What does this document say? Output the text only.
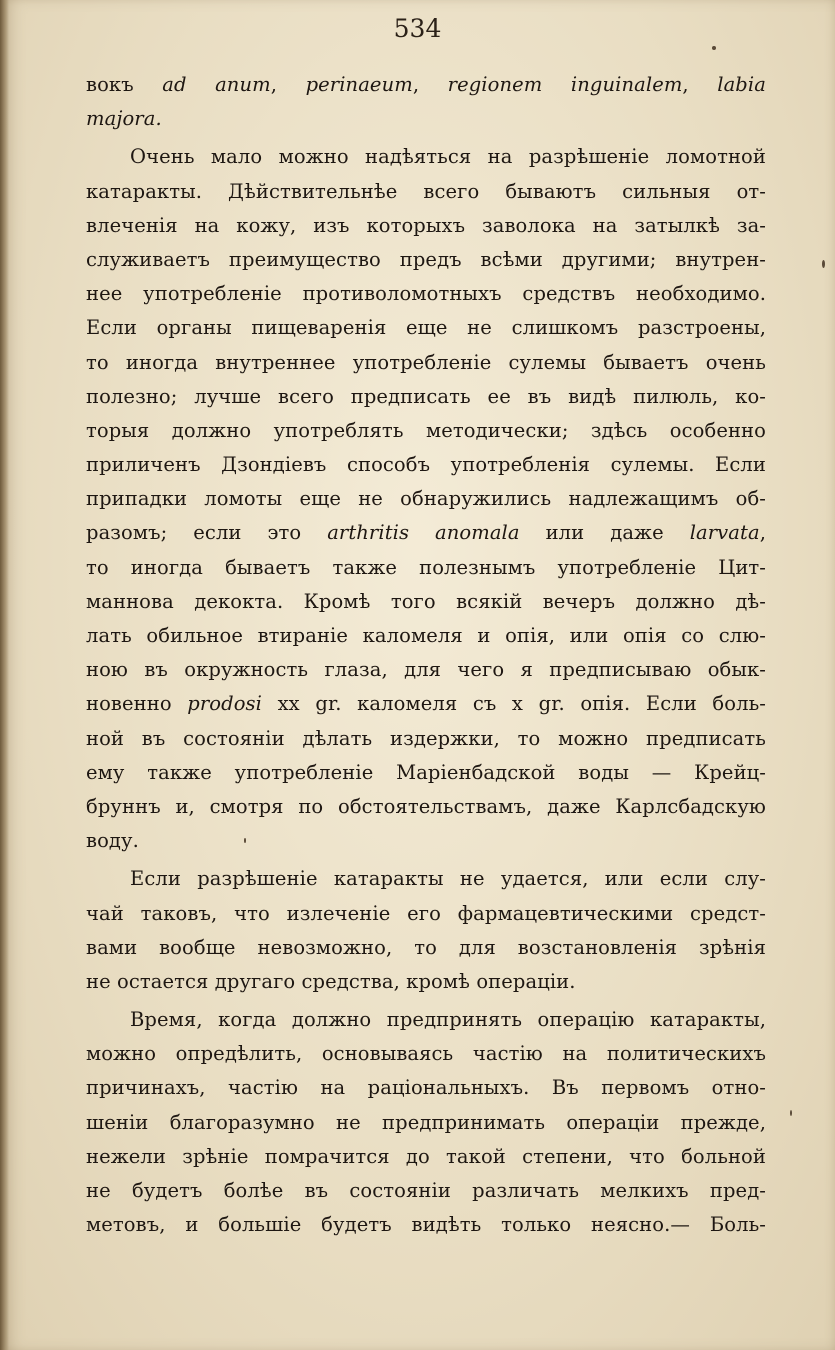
534
вокъ ad anum, perinaeum, regionem inguinalem, labia
majora.
Очень мало можно надѣяться на разрѣшеніе ломотной
катаракты. Дѣйствительнѣе всего бываютъ сильныя от-
влеченія на кожу, изъ которыхъ заволока на затылкѣ за-
служиваетъ преимущество предъ всѣми другими; внутрен-
нее употребленіе противоломотныхъ средствъ необходимо.
Если органы пищеваренія еще не слишкомъ разстроены,
то иногда внутреннее употребленіе сулемы бываетъ очень
полезно; лучше всего предписать ее въ видѣ пилюль, ко-
торыя должно употреблять методически; здѣсь особенно
приличенъ Дзондіевъ способъ употребленія сулемы. Если
припадки ломоты еще не обнаружились надлежащимъ об-
разомъ; если это arthritis anomala или даже larvata,
то иногда бываетъ также полезнымъ употребленіе Цит-
маннова декокта. Кромѣ того всякій вечеръ должно дѣ-
лать обильное втираніе каломеля и опія, или опія со слю-
ною въ окружность глаза, для чего я предписываю обык-
новенно prodosi xx gr. каломеля съ x gr. опія. Если боль-
ной въ состояніи дѣлать издержки, то можно предписать
ему также употребленіе Маріенбадской воды — Крейц-
бруннъ и, смотря по обстоятельствамъ, даже Карлсбадскую
воду.
Если разрѣшеніе катаракты не удается, или если слу-
чай таковъ, что излеченіе его фармацевтическими средст-
вами вообще невозможно, то для возстановленія зрѣнія
не остается другаго средства, кромѣ операціи.
Время, когда должно предпринять операцію катаракты,
можно опредѣлить, основываясь частію на политическихъ
причинахъ, частію на раціональныхъ. Въ первомъ отно-
шеніи благоразумно не предпринимать операціи прежде,
нежели зрѣніе помрачится до такой степени, что больной
не будетъ болѣе въ состояніи различать мелкихъ пред-
метовъ, и большіе будетъ видѣть только неясно.— Боль-
